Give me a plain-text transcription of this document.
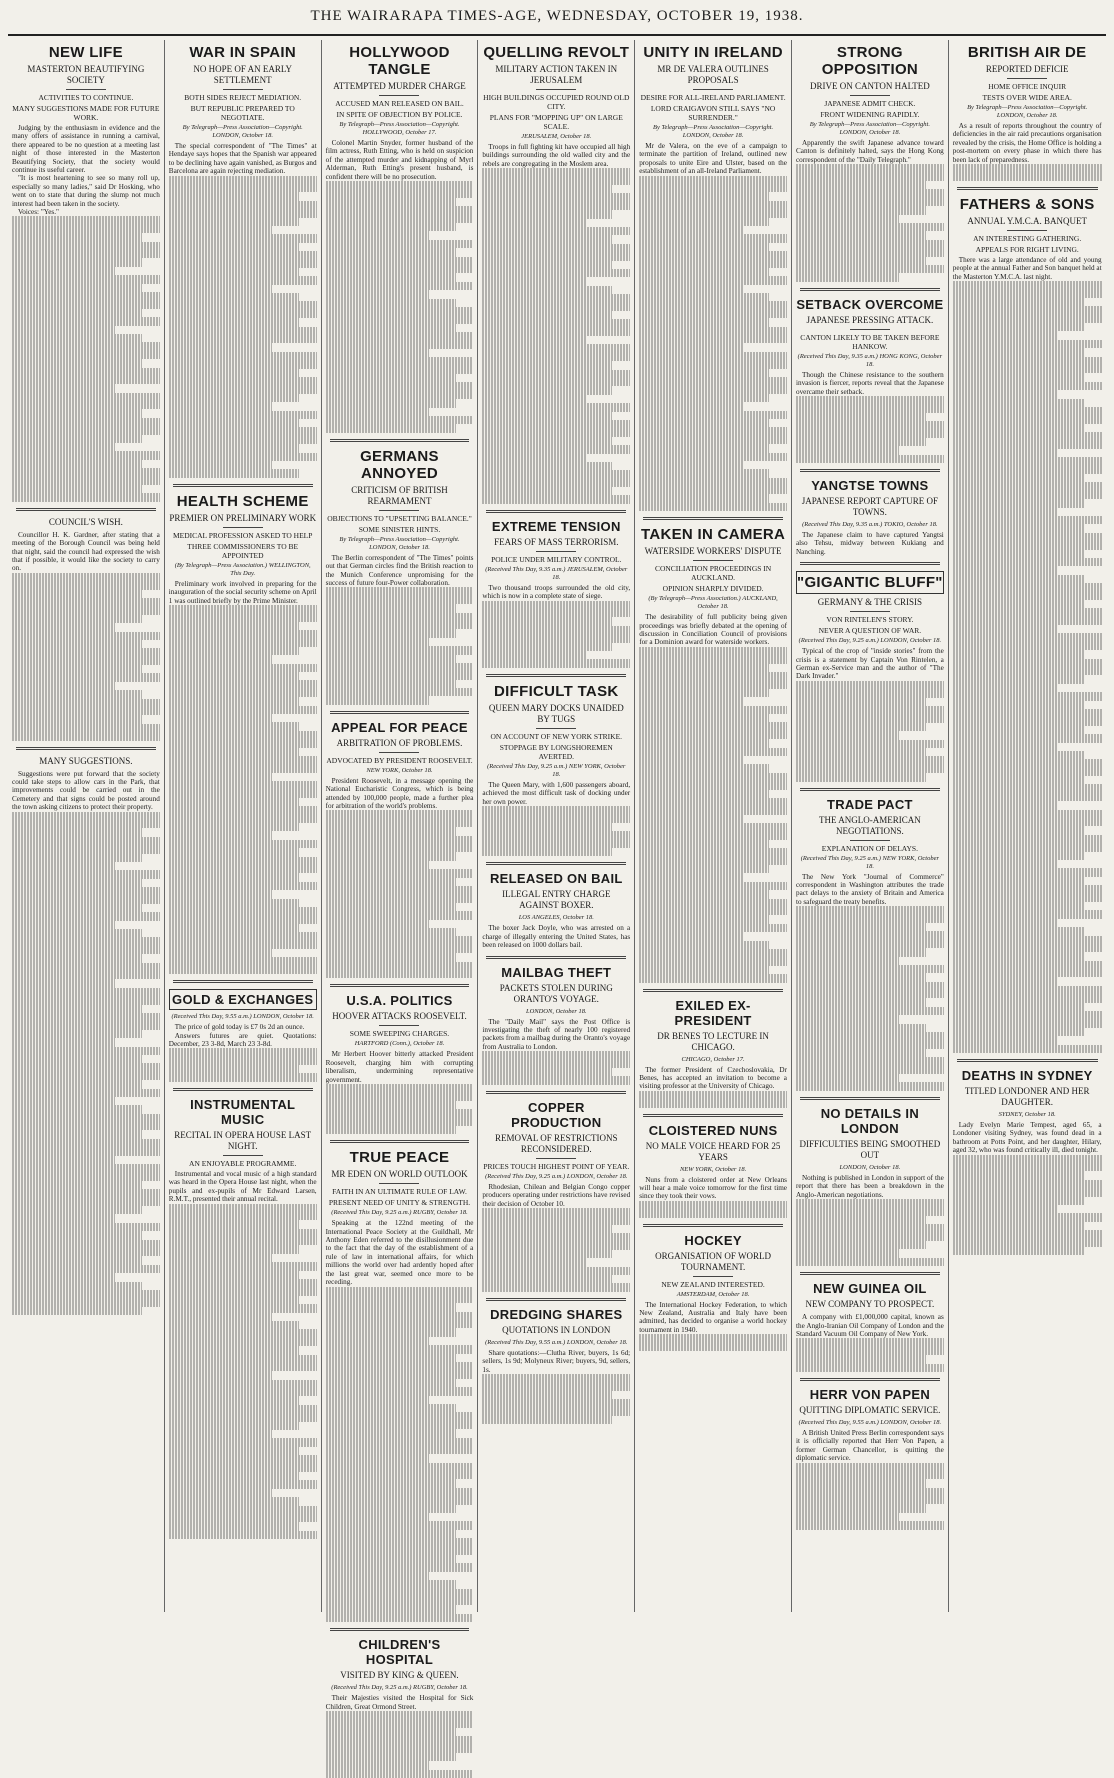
THE WAIRARAPA TIMES-AGE, WEDNESDAY, OCTOBER 19, 1938.
NEW LIFE
MASTERTON BEAUTIFYING SOCIETY
ACTIVITIES TO CONTINUE.
MANY SUGGESTIONS MADE FOR FUTURE WORK.

Judging by the enthusiasm in evidence and the many offers of assistance in running a carnival, there appeared to be no question at a meeting last night of those interested in the Masterton Beautifying Society, that the society would continue its useful career.

"It is most heartening to see so many roll up, especially so many ladies," said Dr Hosking, who went on to state that during the slump not much interest had been taken in the society.

Voices: "Yes."

COUNCIL'S WISH.

Councillor H. K. Gardner, after stating that a meeting of the Borough Council was being held that night, said the council had expressed the wish that if possible, it would like the society to carry on.

MANY SUGGESTIONS.

Suggestions were put forward that the society could take steps to allow cars in the Park, that improvements could be carried out in the Cemetery and that signs could be posted around the town asking citizens to protect their property.

WAR IN SPAIN
NO HOPE OF AN EARLY SETTLEMENT
BOTH SIDES REJECT MEDIATION.
BUT REPUBLIC PREPARED TO NEGOTIATE.
By Telegraph—Press Association—Copyright. LONDON, October 18.

The special correspondent of "The Times" at Hendaye says hopes that the Spanish war appeared to be declining have again vanished, as Burgos and Barcelona are again rejecting mediation.

HEALTH SCHEME
PREMIER ON PRELIMINARY WORK
MEDICAL PROFESSION ASKED TO HELP
THREE COMMISSIONERS TO BE APPOINTED
(By Telegraph—Press Association.) WELLINGTON, This Day.

Preliminary work involved in preparing for the inauguration of the social security scheme on April 1 was outlined briefly by the Prime Minister.

GOLD & EXCHANGES
(Received This Day, 9.55 a.m.) LONDON, October 18.

The price of gold today is £7 0s 2d an ounce.

Answers futures are quiet. Quotations: December, 23 3-8d, March 23 3-8d.

INSTRUMENTAL MUSIC
RECITAL IN OPERA HOUSE LAST NIGHT.
AN ENJOYABLE PROGRAMME.

Instrumental and vocal music of a high standard was heard in the Opera House last night, when the pupils and ex-pupils of Mr Edward Larsen, R.M.T., presented their annual recital.

HOLLYWOOD TANGLE
ATTEMPTED MURDER CHARGE
ACCUSED MAN RELEASED ON BAIL.
IN SPITE OF OBJECTION BY POLICE.
By Telegraph—Press Association—Copyright. HOLLYWOOD, October 17.

Colonel Martin Snyder, former husband of the film actress, Ruth Etting, who is held on suspicion of the attempted murder and kidnapping of Myrl Alderman, Ruth Etting's present husband, is confident there will be no prosecution.

GERMANS ANNOYED
CRITICISM OF BRITISH REARMAMENT
OBJECTIONS TO "UPSETTING BALANCE."
SOME SINISTER HINTS.
By Telegraph—Press Association—Copyright. LONDON, October 18.

The Berlin correspondent of "The Times" points out that German circles find the British reaction to the Munich Conference unpromising for the success of future four-Power collaboration.

APPEAL FOR PEACE
ARBITRATION OF PROBLEMS.
ADVOCATED BY PRESIDENT ROOSEVELT.
NEW YORK, October 18.

President Roosevelt, in a message opening the National Eucharistic Congress, which is being attended by 100,000 people, made a further plea for arbitration of the world's problems.

U.S.A. POLITICS
HOOVER ATTACKS ROOSEVELT.
SOME SWEEPING CHARGES.
HARTFORD (Conn.), October 18.

Mr Herbert Hoover bitterly attacked President Roosevelt, charging him with corrupting liberalism, undermining representative government.

TRUE PEACE
MR EDEN ON WORLD OUTLOOK
FAITH IN AN ULTIMATE RULE OF LAW.
PRESENT NEED OF UNITY & STRENGTH.
(Received This Day, 9.25 a.m.) RUGBY, October 18.

Speaking at the 122nd meeting of the International Peace Society at the Guildhall, Mr Anthony Eden referred to the disillusionment due to the fact that the day of the establishment of a rule of law in international affairs, for which millions the world over had ardently hoped after the last great war, seemed once more to be receding.

CHILDREN'S HOSPITAL
VISITED BY KING & QUEEN.
(Received This Day, 9.25 a.m.) RUGBY, October 18.

Their Majesties visited the Hospital for Sick Children, Great Ormond Street.

QUELLING REVOLT
MILITARY ACTION TAKEN IN JERUSALEM
HIGH BUILDINGS OCCUPIED ROUND OLD CITY.
PLANS FOR "MOPPING UP" ON LARGE SCALE.
JERUSALEM, October 18.

Troops in full fighting kit have occupied all high buildings surrounding the old walled city and the rebels are congregating in the Moslem area.

EXTREME TENSION
FEARS OF MASS TERRORISM.
POLICE UNDER MILITARY CONTROL.
(Received This Day, 9.35 a.m.) JERUSALEM, October 18.

Two thousand troops surrounded the old city, which is now in a complete state of siege.

DIFFICULT TASK
QUEEN MARY DOCKS UNAIDED BY TUGS
ON ACCOUNT OF NEW YORK STRIKE.
STOPPAGE BY LONGSHOREMEN AVERTED.
(Received This Day, 9.25 a.m.) NEW YORK, October 18.

The Queen Mary, with 1,600 passengers aboard, achieved the most difficult task of docking under her own power.

RELEASED ON BAIL
ILLEGAL ENTRY CHARGE AGAINST BOXER.
LOS ANGELES, October 18.

The boxer Jack Doyle, who was arrested on a charge of illegally entering the United States, has been released on 1000 dollars bail.

MAILBAG THEFT
PACKETS STOLEN DURING ORANTO'S VOYAGE.
LONDON, October 18.

The "Daily Mail" says the Post Office is investigating the theft of nearly 100 registered packets from a mailbag during the Oranto's voyage from Australia to London.

COPPER PRODUCTION
REMOVAL OF RESTRICTIONS RECONSIDERED.
PRICES TOUCH HIGHEST POINT OF YEAR.
(Received This Day, 9.25 a.m.) LONDON, October 18.

Rhodesian, Chilean and Belgian Congo copper producers operating under restrictions have revised their decision of October 10.

DREDGING SHARES
QUOTATIONS IN LONDON
(Received This Day, 9.55 a.m.) LONDON, October 18.

Share quotations:—Clutha River, buyers, 1s 6d; sellers, 1s 9d; Molyneux River; buyers, 9d, sellers, 1s.

UNITY IN IRELAND
MR DE VALERA OUTLINES PROPOSALS
DESIRE FOR ALL-IRELAND PARLIAMENT.
LORD CRAIGAVON STILL SAYS "NO SURRENDER."
By Telegraph—Press Association—Copyright. LONDON, October 18.

Mr de Valera, on the eve of a campaign to terminate the partition of Ireland, outlined new proposals to unite Eire and Ulster, based on the establishment of an all-Ireland Parliament.

TAKEN IN CAMERA
WATERSIDE WORKERS' DISPUTE
CONCILIATION PROCEEDINGS IN AUCKLAND.
OPINION SHARPLY DIVIDED.
(By Telegraph—Press Association.) AUCKLAND, October 18.

The desirability of full publicity being given proceedings was briefly debated at the opening of discussion in Conciliation Council of provisions for a Dominion award for waterside workers.

EXILED EX-PRESIDENT
DR BENES TO LECTURE IN CHICAGO.
CHICAGO, October 17.

The former President of Czechoslovakia, Dr Benes, has accepted an invitation to become a visiting professor at the University of Chicago.

CLOISTERED NUNS
NO MALE VOICE HEARD FOR 25 YEARS
NEW YORK, October 18.

Nuns from a cloistered order at New Orleans will hear a male voice tomorrow for the first time since they took their vows.

HOCKEY
ORGANISATION OF WORLD TOURNAMENT.
NEW ZEALAND INTERESTED.
AMSTERDAM, October 18.

The International Hockey Federation, to which New Zealand, Australia and Italy have been admitted, has decided to organise a world hockey tournament in 1940.

STRONG OPPOSITION
DRIVE ON CANTON HALTED
JAPANESE ADMIT CHECK.
FRONT WIDENING RAPIDLY.
By Telegraph—Press Association—Copyright. LONDON, October 18.

Apparently the swift Japanese advance toward Canton is definitely halted, says the Hong Kong correspondent of the "Daily Telegraph."

SETBACK OVERCOME
JAPANESE PRESSING ATTACK.
CANTON LIKELY TO BE TAKEN BEFORE HANKOW.
(Received This Day, 9.35 a.m.) HONG KONG, October 18.

Though the Chinese resistance to the southern invasion is fiercer, reports reveal that the Japanese overcame their setback.

YANGTSE TOWNS
JAPANESE REPORT CAPTURE OF TOWNS.
(Received This Day, 9.35 a.m.) TOKIO, October 18.

The Japanese claim to have captured Yangtsi also Tehsu, midway between Kukiang and Nanching.

"GIGANTIC BLUFF"
GERMANY & THE CRISIS
VON RINTELEN'S STORY.
NEVER A QUESTION OF WAR.
(Received This Day, 9.25 a.m.) LONDON, October 18.

Typical of the crop of "inside stories" from the crisis is a statement by Captain Von Rintelen, a German ex-Service man and the author of "The Dark Invader."

TRADE PACT
THE ANGLO-AMERICAN NEGOTIATIONS.
EXPLANATION OF DELAYS.
(Received This Day, 9.25 a.m.) NEW YORK, October 18.

The New York "Journal of Commerce" correspondent in Washington attributes the trade pact delays to the anxiety of Britain and America to safeguard the treaty benefits.

NO DETAILS IN LONDON
DIFFICULTIES BEING SMOOTHED OUT
LONDON, October 18.

Nothing is published in London in support of the report that there has been a breakdown in the Anglo-American negotiations.

NEW GUINEA OIL
NEW COMPANY TO PROSPECT.

A company with £1,000,000 capital, known as the Anglo-Iranian Oil Company of London and the Standard Vacuum Oil Company of New York.

HERR VON PAPEN
QUITTING DIPLOMATIC SERVICE.
(Received This Day, 9.55 a.m.) LONDON, October 18.

A British United Press Berlin correspondent says it is officially reported that Herr Von Papen, a former German Chancellor, is quitting the diplomatic service.

BRITISH AIR DE
REPORTED DEFICIE
HOME OFFICE INQUIR
TESTS OVER WIDE AREA.
By Telegraph—Press Association—Copyright. LONDON, October 18.

As a result of reports throughout the country of deficiencies in the air raid precautions organisation revealed by the crisis, the Home Office is holding a post-mortem on every phase in which there has been lack of preparedness.

FATHERS & SONS
ANNUAL Y.M.C.A. BANQUET
AN INTERESTING GATHERING.
APPEALS FOR RIGHT LIVING.

There was a large attendance of old and young people at the annual Father and Son banquet held at the Masterton Y.M.C.A. last night.

DEATHS IN SYDNEY
TITLED LONDONER AND HER DAUGHTER.
SYDNEY, October 18.

Lady Evelyn Marie Tempest, aged 65, a Londoner visiting Sydney, was found dead in a bathroom at Potts Point, and her daughter, Hilary, aged 32, who was found critically ill, died tonight.
